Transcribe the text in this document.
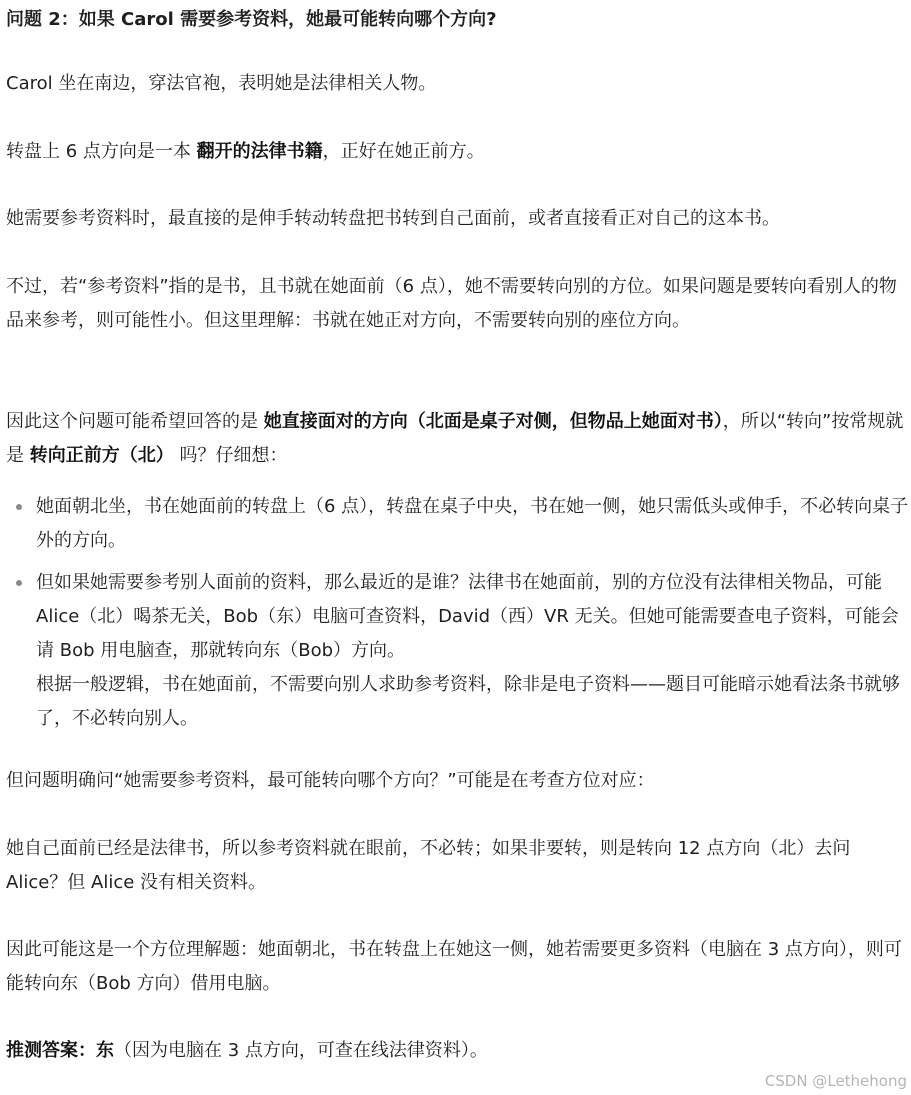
问题 2：如果 Carol 需要参考资料，她最可能转向哪个方向?

Carol 坐在南边，穿法官袍，表明她是法律相关人物。

转盘上 6 点方向是一本 翻开的法律书籍，正好在她正前方。

她需要参考资料时，最直接的是伸手转动转盘把书转到自己面前，或者直接看正对自己的这本书。

不过，若“参考资料”指的是书，且书就在她面前（6 点），她不需要转向别的方位。如果问题是要转向看别人的物品来参考，则可能性小。但这里理解：书就在她正对方向，不需要转向别的座位方向。

因此这个问题可能希望回答的是 她直接面对的方向（北面是桌子对侧，但物品上她面对书），所以“转向”按常规就是 转向正前方（北） 吗？仔细想：

她面朝北坐，书在她面前的转盘上（6 点），转盘在桌子中央，书在她一侧，她只需低头或伸手，不必转向桌子外的方向。
但如果她需要参考别人面前的资料，那么最近的是谁？法律书在她面前，别的方位没有法律相关物品，可能 Alice（北）喝茶无关，Bob（东）电脑可查资料，David（西）VR 无关。但她可能需要查电子资料，可能会请 Bob 用电脑查，那就转向东（Bob）方向。
根据一般逻辑，书在她面前，不需要向别人求助参考资料，除非是电子资料——题目可能暗示她看法条书就够了，不必转向别人。

但问题明确问“她需要参考资料，最可能转向哪个方向？”可能是在考查方位对应：

她自己面前已经是法律书，所以参考资料就在眼前，不必转；如果非要转，则是转向 12 点方向（北）去问 Alice？但 Alice 没有相关资料。

因此可能这是一个方位理解题：她面朝北，书在转盘上在她这一侧，她若需要更多资料（电脑在 3 点方向），则可能转向东（Bob 方向）借用电脑。

推测答案：东（因为电脑在 3 点方向，可查在线法律资料）。

CSDN @Lethehong
